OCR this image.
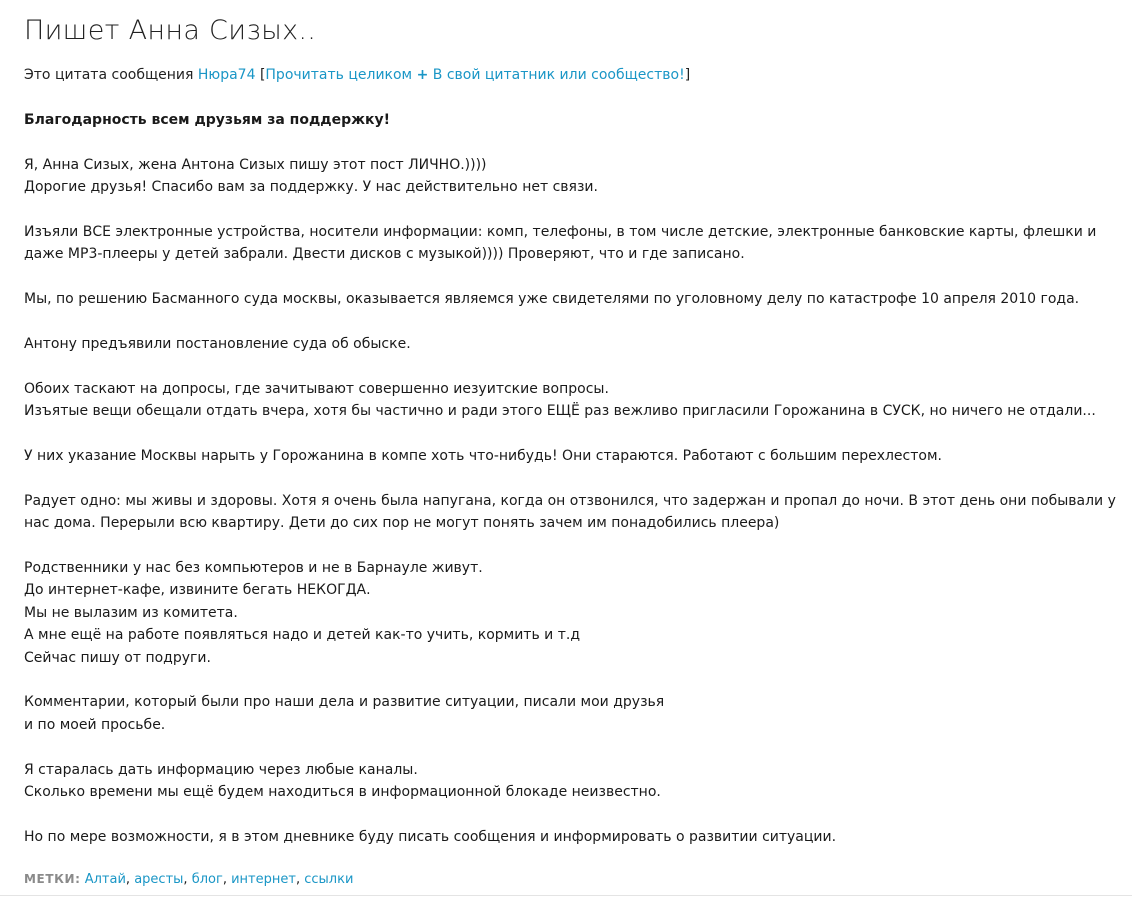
Пишет Анна Сизых..
Это цитата сообщения Нюра74 [Прочитать целиком + В свой цитатник или сообщество!]

Благодарность всем друзьям за поддержку!

Я, Анна Сизых, жена Антона Сизых пишу этот пост ЛИЧНО.))))
Дорогие друзья! Спасибо вам за поддержку. У нас действительно нет связи.

Изъяли ВСЕ электронные устройства, носители информации: комп, телефоны, в том числе детские, электронные банковские карты, флешки и
даже МР3-плееры у детей забрали. Двести дисков с музыкой)))) Проверяют, что и где записано.

Мы, по решению Басманного суда москвы, оказывается являемся уже свидетелями по уголовному делу по катастрофе 10 апреля 2010 года.

Антону предъявили постановление суда об обыске.

Обоих таскают на допросы, где зачитывают совершенно иезуитские вопросы.
Изъятые вещи обещали отдать вчера, хотя бы частично и ради этого ЕЩЁ раз вежливо пригласили Горожанина в СУСК, но ничего не отдали...

У них указание Москвы нарыть у Горожанина в компе хоть что-нибудь! Они стараются. Работают с большим перехлестом.

Радует одно: мы живы и здоровы. Хотя я очень была напугана, когда он отзвонился, что задержан и пропал до ночи. В этот день они побывали у
нас дома. Перерыли всю квартиру. Дети до сих пор не могут понять зачем им понадобились плеера)

Родственники у нас без компьютеров и не в Барнауле живут.
До интернет-кафе, извините бегать НЕКОГДА.
Мы не вылазим из комитета.
А мне ещё на работе появляться надо и детей как-то учить, кормить и т.д
Сейчас пишу от подруги.

Комментарии, который были про наши дела и развитие ситуации, писали мои друзья
и по моей просьбе.

Я старалась дать информацию через любые каналы.
Сколько времени мы ещё будем находиться в информационной блокаде неизвестно.

Но по мере возможности, я в этом дневнике буду писать сообщения и информировать о развитии ситуации.

МЕТКИ: Алтай, аресты, блог, интернет, ссылки
